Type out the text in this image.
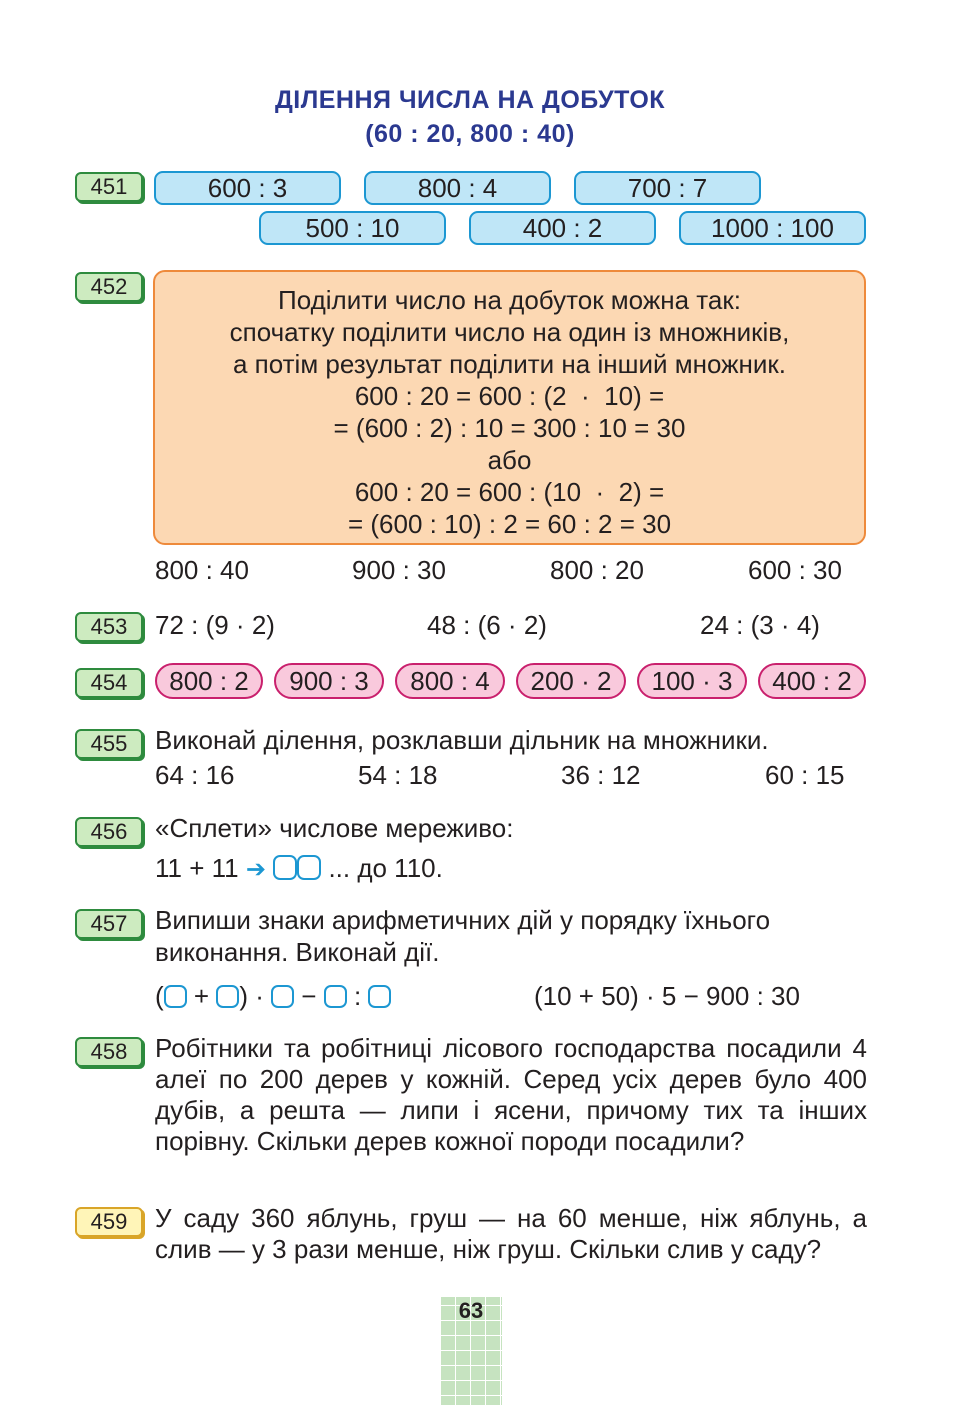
ДІЛЕННЯ ЧИСЛА НА ДОБУТОК
(60 : 20, 800 : 40)
451	600 : 3	800 : 4	700 : 7
500 : 10	400 : 2	1000 : 100
452	Поділити число на добуток можна так:
спочатку поділити число на один із множників,
а потім результат поділити на інший множник.
600 : 20 = 600 : (2  ·  10) =
= (600 : 2) : 10 = 300 : 10 = 30
або
600 : 20 = 600 : (10  ·  2) =
= (600 : 10) : 2 = 60 : 2 = 30
800 : 40	900 : 30	800 : 20	600 : 30
453	72 : (9 · 2)	48 : (6 · 2)	24 : (3 · 4)
454	800 : 2	900 : 3	800 : 4	200 · 2	100 · 3	400 : 2
455	Виконай ділення, розклавши дільник на множники.
64 : 16	54 : 18	36 : 12	60 : 15
456	«Сплети» числове мереживо:
11 + 11 ➔ ... до 110.
457	Випиши знаки арифметичних дій у порядку їхнього виконання. Виконай дії.
( + ) ·  −  :	(10 + 50) · 5 − 900 : 30
458	Робітники та робітниці лісового господарства посадили 4 алеї по 200 дерев у кожній. Серед усіх дерев було 400 дубів, а решта — липи і ясени, причому тих та інших порівну. Скільки дерев кожної породи посадили?
459	У саду 360 яблунь, груш — на 60 менше, ніж яблунь, а слив — у 3 рази менше, ніж груш. Скільки слив у саду?
63
